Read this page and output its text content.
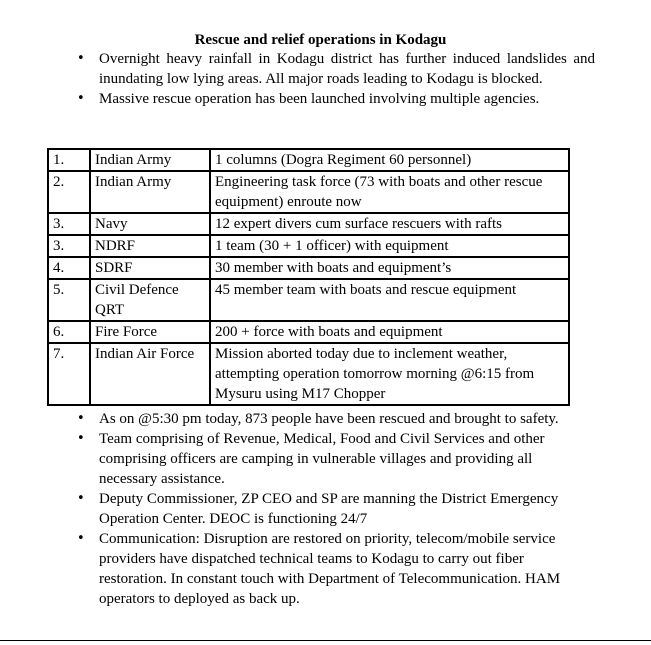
Rescue and relief operations in Kodagu
• Overnight heavy rainfall in Kodagu district has further induced landslides and inundating low lying areas. All major roads leading to Kodagu is blocked.
• Massive rescue operation has been launched involving multiple agencies.
1.	Indian Army	1 columns (Dogra Regiment 60 personnel)
2.	Indian Army	Engineering task force (73 with boats and other rescue equipment) enroute now
3.	Navy	12 expert divers cum surface rescuers with rafts
3.	NDRF	1 team (30 + 1 officer) with equipment
4.	SDRF	30 member with boats and equipment’s
5.	Civil Defence QRT	45 member team with boats and rescue equipment
6.	Fire Force	200 + force with boats and equipment
7.	Indian Air Force	Mission aborted today due to inclement weather, attempting operation tomorrow morning @6:15 from Mysuru using M17 Chopper
• As on @5:30 pm today, 873 people have been rescued and brought to safety.
• Team comprising of Revenue, Medical, Food and Civil Services and other comprising officers are camping in vulnerable villages and providing all necessary assistance.
• Deputy Commissioner, ZP CEO and SP are manning the District Emergency Operation Center. DEOC is functioning 24/7
• Communication: Disruption are restored on priority, telecom/mobile service providers have dispatched technical teams to Kodagu to carry out fiber restoration. In constant touch with Department of Telecommunication. HAM operators to deployed as back up.
